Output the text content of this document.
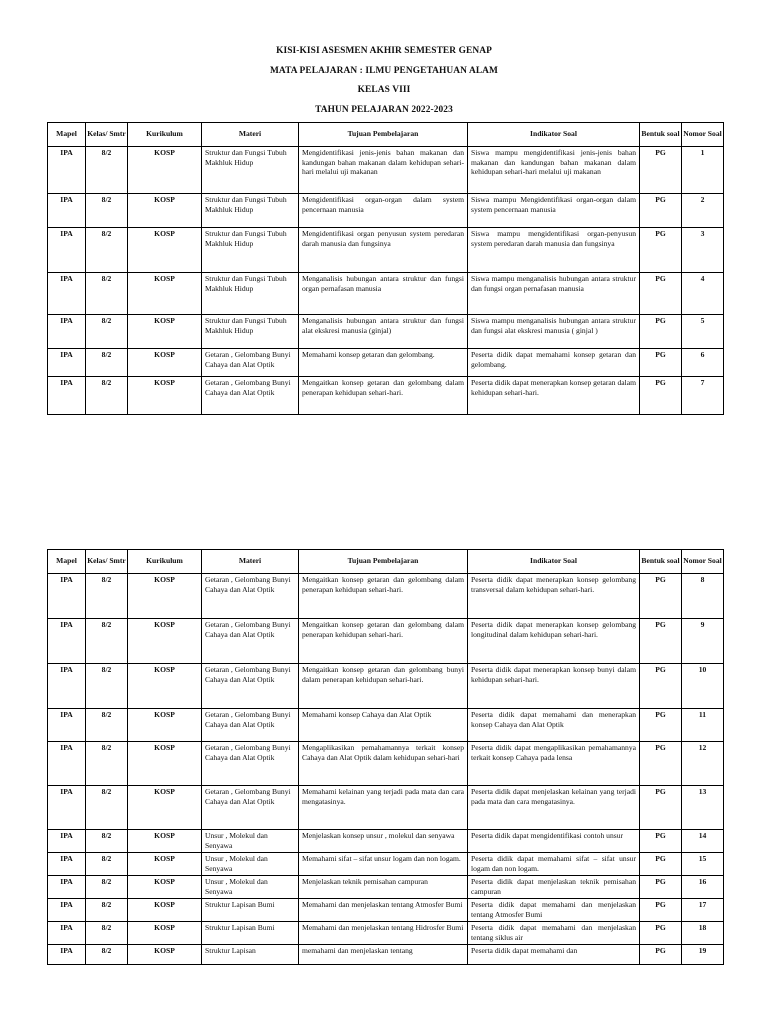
KISI-KISI ASESMEN AKHIR SEMESTER GENAP
MATA PELAJARAN : ILMU PENGETAHUAN ALAM
KELAS VIII
TAHUN PELAJARAN 2022-2023
Mapel	Kelas/ Smtr	Kurikulum	Materi	Tujuan Pembelajaran	Indikator Soal	Bentuk soal	Nomor Soal
IPA	8/2	KOSP	Struktur dan Fungsi Tubuh Makhluk Hidup	Mengidentifikasi jenis-jenis bahan makanan dan kandungan bahan makanan dalam kehidupan sehari-hari melalui uji makanan	Siswa mampu mengidentifikasi jenis-jenis bahan makanan dan kandungan bahan makanan dalam kehidupan sehari-hari melalui uji makanan	PG	1
IPA	8/2	KOSP	Struktur dan Fungsi Tubuh Makhluk Hidup	Mengidentifikasi organ-organ dalam system pencernaan manusia	Siswa mampu Mengidentifikasi organ-organ dalam system pencernaan manusia	PG	2
IPA	8/2	KOSP	Struktur dan Fungsi Tubuh Makhluk Hidup	Mengidentifikasi organ penyusun system peredaran darah manusia dan fungsinya	Siswa mampu mengidentifikasi organ-penyusun system peredaran darah manusia dan fungsinya	PG	3
IPA	8/2	KOSP	Struktur dan Fungsi Tubuh Makhluk Hidup	Menganalisis hubungan antara struktur dan fungsi organ pernafasan manusia	Siswa mampu menganalisis hubungan antara struktur dan fungsi organ pernafasan manusia	PG	4
IPA	8/2	KOSP	Struktur dan Fungsi Tubuh Makhluk Hidup	Menganalisis hubungan antara struktur dan fungsi alat ekskresi manusia (ginjal)	Siswa mampu menganalisis hubungan antara struktur dan fungsi alat ekskresi manusia ( ginjal )	PG	5
IPA	8/2	KOSP	Getaran , Gelombang Bunyi Cahaya dan Alat Optik	Memahami konsep getaran dan gelombang.	Peserta didik dapat memahami konsep getaran dan gelombang.	PG	6
IPA	8/2	KOSP	Getaran , Gelombang Bunyi Cahaya dan Alat Optik	Mengaitkan konsep getaran dan gelombang dalam penerapan kehidupan sehari-hari.	Peserta didik dapat menerapkan konsep getaran dalam kehidupan sehari-hari.	PG	7
Mapel	Kelas/ Smtr	Kurikulum	Materi	Tujuan Pembelajaran	Indikator Soal	Bentuk soal	Nomor Soal
IPA	8/2	KOSP	Getaran , Gelombang Bunyi Cahaya dan Alat Optik	Mengaitkan konsep getaran dan gelombang dalam penerapan kehidupan sehari-hari.	Peserta didik dapat menerapkan konsep gelombang transversal dalam kehidupan sehari-hari.	PG	8
IPA	8/2	KOSP	Getaran , Gelombang Bunyi Cahaya dan Alat Optik	Mengaitkan konsep getaran dan gelombang dalam penerapan kehidupan sehari-hari.	Peserta didik dapat menerapkan konsep gelombang longitudinal dalam kehidupan sehari-hari.	PG	9
IPA	8/2	KOSP	Getaran , Gelombang Bunyi Cahaya dan Alat Optik	Mengaitkan konsep getaran dan gelombang bunyi dalam penerapan kehidupan sehari-hari.	Peserta didik dapat menerapkan konsep bunyi dalam kehidupan sehari-hari.	PG	10
IPA	8/2	KOSP	Getaran , Gelombang Bunyi Cahaya dan Alat Optik	Memahami konsep Cahaya dan Alat Optik	Peserta didik dapat memahami dan menerapkan konsep Cahaya dan Alat Optik	PG	11
IPA	8/2	KOSP	Getaran , Gelombang Bunyi Cahaya dan Alat Optik	Mengaplikasikan pemahamannya terkait konsep Cahaya dan Alat Optik dalam kehidupan sehari-hari	Peserta didik dapat mengaplikasikan pemahamannya terkait konsep Cahaya pada lensa	PG	12
IPA	8/2	KOSP	Getaran , Gelombang Bunyi Cahaya dan Alat Optik	Memahami kelainan yang terjadi pada mata dan cara mengatasinya.	Peserta didik dapat menjelaskan kelainan yang terjadi pada mata dan cara mengatasinya.	PG	13
IPA	8/2	KOSP	Unsur , Molekul dan Senyawa	Menjelaskan konsep unsur , molekul dan senyawa	Peserta didik dapat mengidentifikasi contoh unsur	PG	14
IPA	8/2	KOSP	Unsur , Molekul dan Senyawa	Memahami sifat – sifat unsur logam dan non logam.	Peserta didik dapat memahami sifat – sifat unsur logam dan non logam.	PG	15
IPA	8/2	KOSP	Unsur , Molekul dan Senyawa	Menjelaskan teknik pemisahan campuran	Peserta didik dapat menjelaskan teknik pemisahan campuran	PG	16
IPA	8/2	KOSP	Struktur Lapisan Bumi	Memahami dan menjelaskan tentang Atmosfer Bumi	Peserta didik dapat memahami dan menjelaskan tentang Atmosfer Bumi	PG	17
IPA	8/2	KOSP	Struktur Lapisan Bumi	Memahami dan menjelaskan tentang Hidrosfer Bumi	Peserta didik dapat memahami dan menjelaskan tentang siklus air	PG	18
IPA	8/2	KOSP	Struktur Lapisan	memahami dan menjelaskan tentang	Peserta didik dapat memahami dan	PG	19
